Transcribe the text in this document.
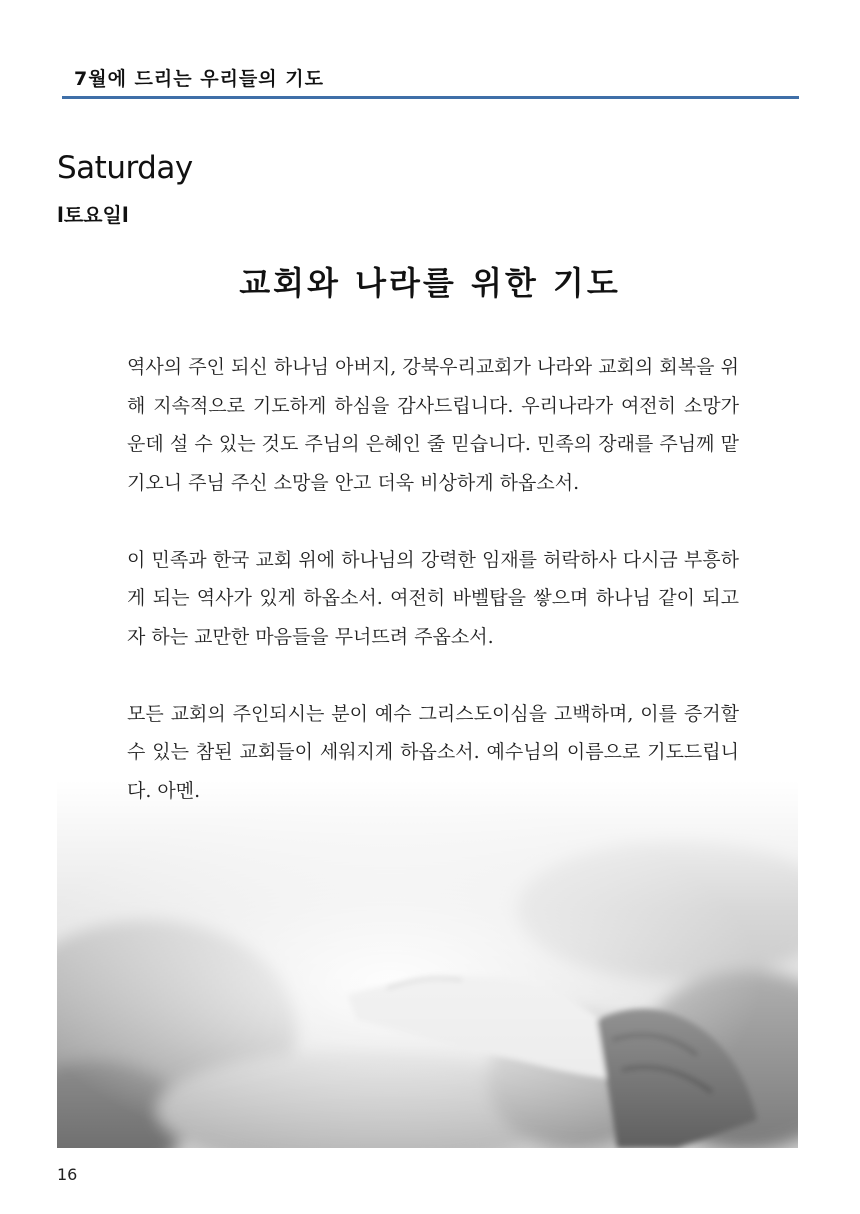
7월에 드리는 우리들의 기도
Saturday
l토요일l
교회와 나라를 위한 기도

역사의 주인 되신 하나님 아버지, 강북우리교회가 나라와 교회의 회복을 위해 지속적으로 기도하게 하심을 감사드립니다. 우리나라가 여전히 소망가운데 설 수 있는 것도 주님의 은혜인 줄 믿습니다. 민족의 장래를 주님께 맡기오니 주님 주신 소망을 안고 더욱 비상하게 하옵소서.

이 민족과 한국 교회 위에 하나님의 강력한 임재를 허락하사 다시금 부흥하게 되는 역사가 있게 하옵소서. 여전히 바벨탑을 쌓으며 하나님 같이 되고자 하는 교만한 마음들을 무너뜨려 주옵소서.

모든 교회의 주인되시는 분이 예수 그리스도이심을 고백하며, 이를 증거할 수 있는 참된 교회들이 세워지게 하옵소서. 예수님의 이름으로 기도드립니다. 아멘.

16
